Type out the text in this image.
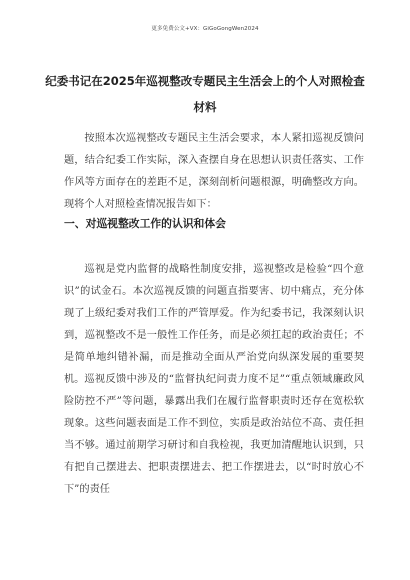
更多免费公文+VX：GiGoGongWen2024
纪委书记在2025年巡视整改专题民主生活会上的个人对照检查材料

按照本次巡视整改专题民主生活会要求，本人紧扣巡视反馈问题，结合纪委工作实际，深入查摆自身在思想认识责任落实、工作作风等方面存在的差距不足，深刻剖析问题根源，明确整改方向。现将个人对照检查情况报告如下：

一、对巡视整改工作的认识和体会

巡视是党内监督的战略性制度安排，巡视整改是检验“四个意识”的试金石。本次巡视反馈的问题直指要害、切中痛点，充分体现了上级纪委对我们工作的严管厚爱。作为纪委书记，我深刻认识到，巡视整改不是一般性工作任务，而是必须扛起的政治责任；不是简单地纠错补漏，而是推动全面从严治党向纵深发展的重要契机。 巡视反馈中涉及的“监督执纪问责力度不足”“重点领域廉政风险防控不严”等问题，暴露出我们在履行监督职责时还存在宽松软现象。这些问题表面是工作不到位，实质是政治站位不高、责任担当不够。通过前期学习研讨和自我检视，我更加清醒地认识到，只有把自己摆进去、把职责摆进去、把工作摆进去，以“时时放心不下”的责任
